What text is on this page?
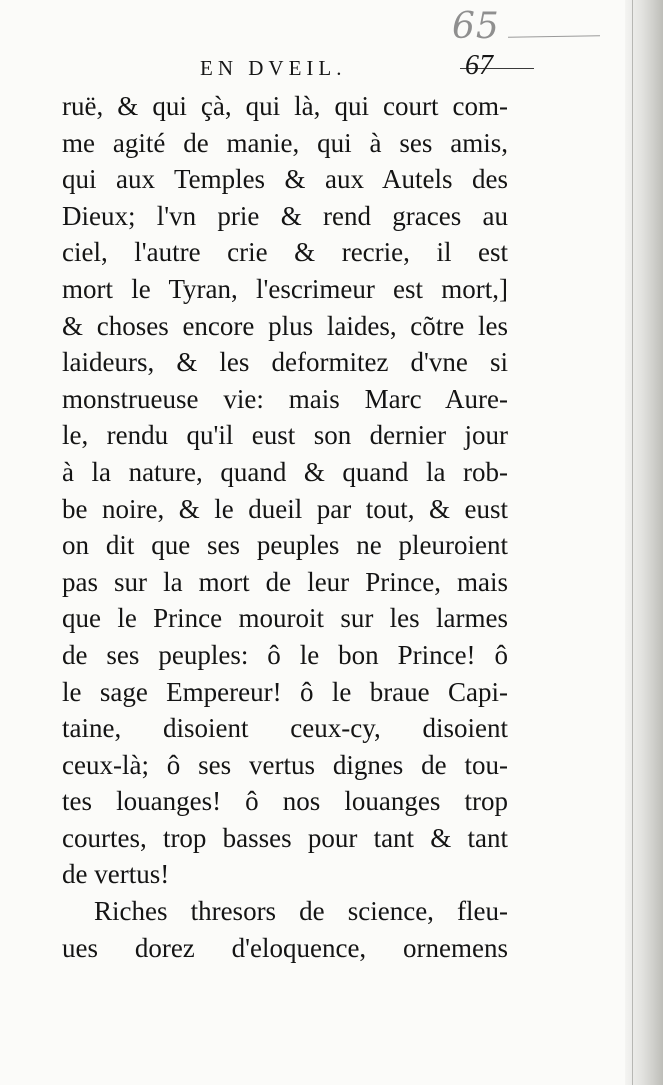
65
EN DVEIL.	67
ruë, & qui çà, qui là, qui court com-
me agité de manie, qui à ses amis,
qui aux Temples & aux Autels des
Dieux; l'vn prie & rend graces au
ciel, l'autre crie & recrie, il est
mort le Tyran, l'escrimeur est mort,]
& choses encore plus laides, cõtre les
laideurs, & les deformitez d'vne si
monstrueuse vie: mais Marc Aure-
le, rendu qu'il eust son dernier jour
à la nature, quand & quand la rob-
be noire, & le dueil par tout, & eust
on dit que ses peuples ne pleuroient
pas sur la mort de leur Prince, mais
que le Prince mouroit sur les larmes
de ses peuples: ô le bon Prince! ô
le sage Empereur! ô le braue Capi-
taine, disoient ceux-cy, disoient
ceux-là; ô ses vertus dignes de tou-
tes louanges! ô nos louanges trop
courtes, trop basses pour tant & tant
de vertus!
Riches thresors de science, fleu-
ues dorez d'eloquence, ornemens
